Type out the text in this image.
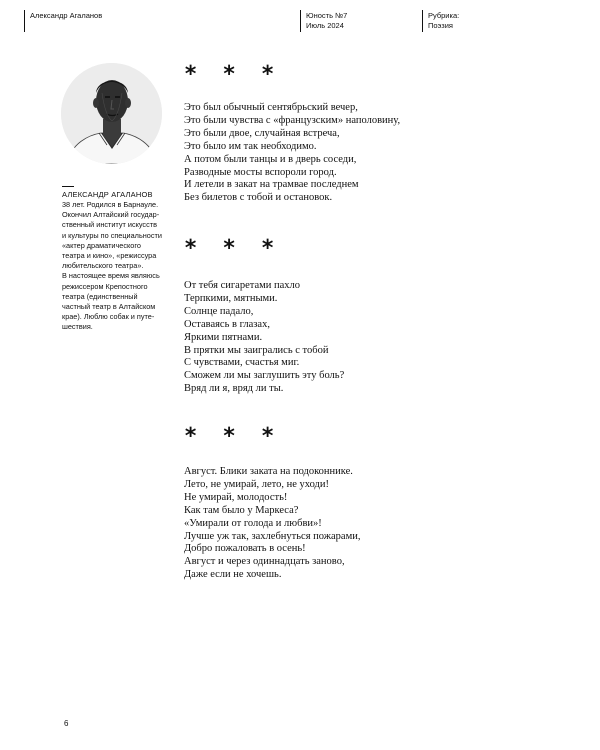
Александр Агаланов	Юность №7
Июль 2024
Рубрика:
Поэзия
АЛЕКСАНДР АГАЛАНОВ
38 лет. Родился в Барнауле.
Окончил Алтайский государ-
ственный институт искусств
и культуры по специальности
«актер драматического
театра и кино», «режиссура
любительского театра».
В настоящее время являюсь
режиссером Крепостного
театра (единственный
частный театр в Алтайском
крае). Люблю собак и путе-
шествия.
* * *
Это был обычный сентябрьский вечер,
Это были чувства с «французским» наполовину,
Это были двое, случайная встреча,
Это было им так необходимо.
А потом были танцы и в дверь соседи,
Разводные мосты вспороли город.
И летели в закат на трамвае последнем
Без билетов с тобой и остановок.
* * *
От тебя сигаретами пахло
Терпкими, мятными.
Солнце падало,
Оставаясь в глазах,
Яркими пятнами.
В прятки мы заигрались с тобой
С чувствами, счастья миг.
Сможем ли мы заглушить эту боль?
Вряд ли я, вряд ли ты.
* * *
Август. Блики заката на подоконнике.
Лето, не умирай, лето, не уходи!
Не умирай, молодость!
Как там было у Маркеса?
«Умирали от голода и любви»!
Лучше уж так, захлебнуться пожарами,
Добро пожаловать в осень!
Август и через одиннадцать заново,
Даже если не хочешь.
6
